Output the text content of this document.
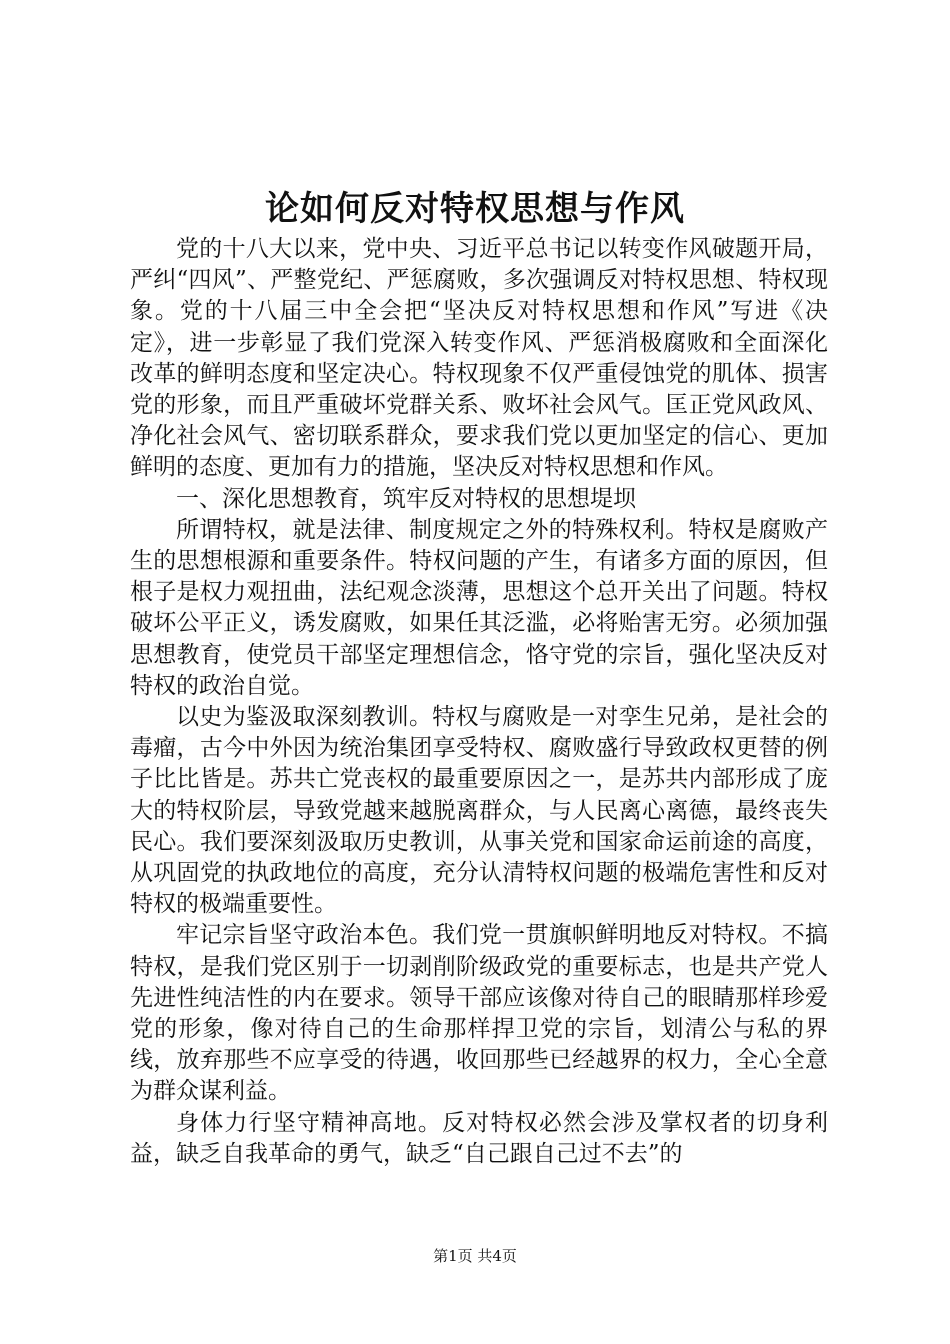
论如何反对特权思想与作风

党的十八大以来，党中央、习近平总书记以转变作风破题开局，严纠“四风”、严整党纪、严惩腐败，多次强调反对特权思想、特权现象。党的十八届三中全会把“坚决反对特权思想和作风”写进《决定》，进一步彰显了我们党深入转变作风、严惩消极腐败和全面深化改革的鲜明态度和坚定决心。特权现象不仅严重侵蚀党的肌体、损害党的形象，而且严重破坏党群关系、败坏社会风气。匡正党风政风、净化社会风气、密切联系群众，要求我们党以更加坚定的信心、更加鲜明的态度、更加有力的措施，坚决反对特权思想和作风。

一、深化思想教育，筑牢反对特权的思想堤坝

所谓特权，就是法律、制度规定之外的特殊权利。特权是腐败产生的思想根源和重要条件。特权问题的产生，有诸多方面的原因，但根子是权力观扭曲，法纪观念淡薄，思想这个总开关出了问题。特权破坏公平正义，诱发腐败，如果任其泛滥，必将贻害无穷。必须加强思想教育，使党员干部坚定理想信念，恪守党的宗旨，强化坚决反对特权的政治自觉。

以史为鉴汲取深刻教训。特权与腐败是一对孪生兄弟，是社会的毒瘤，古今中外因为统治集团享受特权、腐败盛行导致政权更替的例子比比皆是。苏共亡党丧权的最重要原因之一，是苏共内部形成了庞大的特权阶层，导致党越来越脱离群众，与人民离心离德，最终丧失民心。我们要深刻汲取历史教训，从事关党和国家命运前途的高度，从巩固党的执政地位的高度，充分认清特权问题的极端危害性和反对特权的极端重要性。

牢记宗旨坚守政治本色。我们党一贯旗帜鲜明地反对特权。不搞特权，是我们党区别于一切剥削阶级政党的重要标志，也是共产党人先进性纯洁性的内在要求。领导干部应该像对待自己的眼睛那样珍爱党的形象，像对待自己的生命那样捍卫党的宗旨，划清公与私的界线，放弃那些不应享受的待遇，收回那些已经越界的权力，全心全意为群众谋利益。

身体力行坚守精神高地。反对特权必然会涉及掌权者的切身利益，缺乏自我革命的勇气，缺乏“自己跟自己过不去”的

第1页 共4页
